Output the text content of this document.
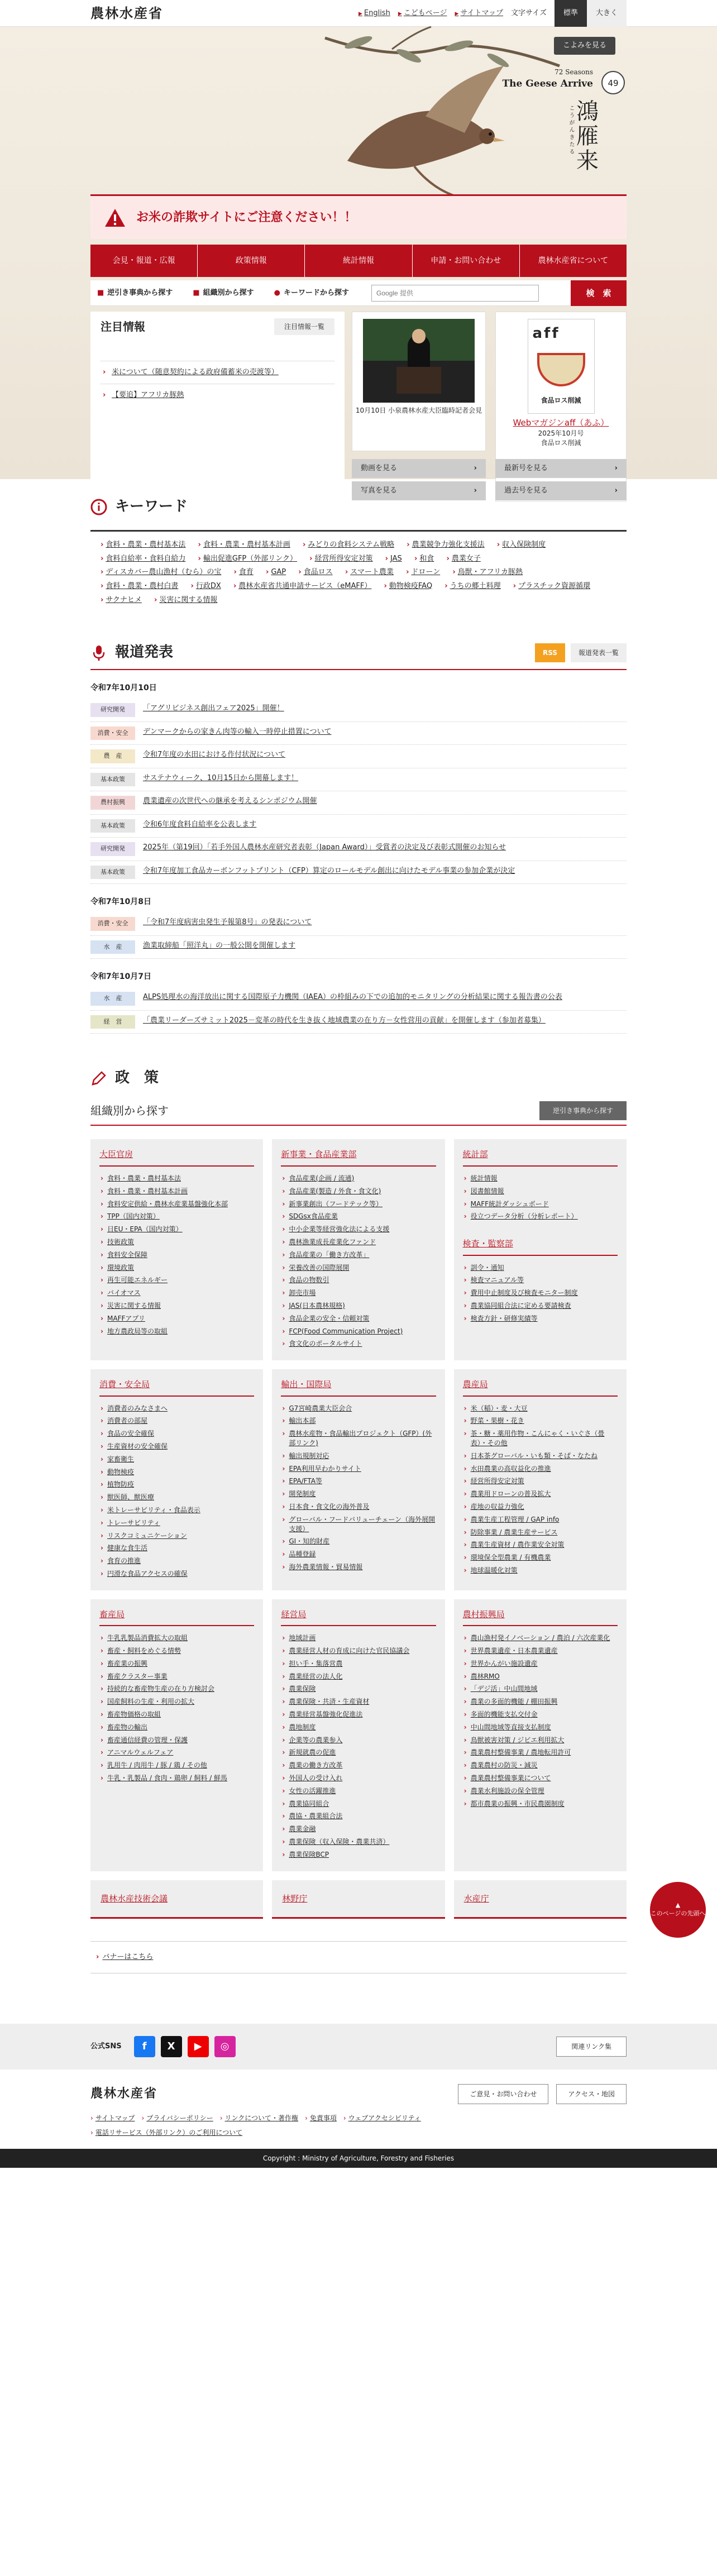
農林水産省	▶ English ▶ こどもページ ▶ サイトマップ 文字サイズ	標準	大きく
こよみを見る
72 Seasons
The Geese Arrive 49
鴻雁来
こうがんきたる
お米の詐欺サイトにご注意ください！！
会見・報道・広報	政策情報	統計情報	申請・お問い合わせ	農林水産省について
■ 逆引き事典から探す	■ 組織別から探す	● キーワードから探す
Google 提供	検　索
注目情報	注目情報一覧
› 米について（随意契約による政府備蓄米の売渡等）
› 【要追】アフリカ豚熱
10月10日 小泉農林水産大臣臨時記者会見
aff
食品ロス削減
Webマガジンaff（あふ）
2025年10月号
食品ロス削減
動画を見る	›
写真を見る	›
最新号を見る	›
過去号を見る	›
キーワード
› 食料・農業・農村基本法 › 食料・農業・農村基本計画 › みどりの食料システム戦略 › 農業競争力強化支援法 › 収入保険制度 › 食料自給率・食料自給力 › 輸出促進GFP（外部リンク） › 経営所得安定対策 › JAS › 和食 › 農業女子 › ディスカバー農山漁村（むら）の宝 › 食育 › GAP › 食品ロス › スマート農業 › ドローン › 鳥獣・アフリカ豚熱 › 食料・農業・農村白書 › 行政DX › 農林水産省共通申請サービス（eMAFF） › 動物検疫FAQ › うちの郷土料理 › プラスチック資源循環 › サクナヒメ › 災害に関する情報
報道発表	RSS	報道発表一覧
令和7年10月10日
研究開発	「アグリビジネス創出フェア2025」開催！
消費・安全	デンマークからの家きん肉等の輸入一時停止措置について
農　産	令和7年度の水田における作付状況について
基本政策	サステナウィーク、10月15日から開幕します！
農村振興	農業遺産の次世代への継承を考えるシンポジウム開催
基本政策	令和6年度食料自給率を公表します
研究開発	2025年（第19回）「若手外国人農林水産研究者表彰（Japan Award）」受賞者の決定及び表彰式開催のお知らせ
基本政策	令和7年度加工食品カーボンフットプリント（CFP）算定のロールモデル創出に向けたモデル事業の参加企業が決定
令和7年10月8日
消費・安全	「令和7年度病害虫発生予報第8号」の発表について
水　産	漁業取締船「照洋丸」の一般公開を開催します
令和7年10月7日
水　産	ALPS処理水の海洋放出に関する国際原子力機関（IAEA）の枠組みの下での追加的モニタリングの分析結果に関する報告書の公表
経　営	「農業リーダーズサミット2025－変革の時代を生き抜く地域農業の在り方－女性营用の貢献」を開催します（参加者募集）
政　策
組織別から探す	逆引き事典から探す
大臣官房
› 食料・農業・農村基本法
› 食料・農業・農村基本計画
› 食料安定供給・農林水産業基盤強化本部
› TPP（国内対策）
› 日EU・EPA（国内対策）
› 技術政策
› 食料安全保障
› 環境政策
› 再生可能エネルギー
› バイオマス
› 災害に関する情報
› MAFFアプリ
› 地方農政局等の取組
新事業・食品産業部
› 食品産業(企画 / 流通)
› 食品産業(製造 / 外食・食文化)
› 新事業創出（フードテック等）
› SDGsx食品産業
› 中小企業等経営強化法による支援
› 農林漁業成長産業化ファンド
› 食品産業の「働き方改革」
› 栄養改善の国際展開
› 食品の物数引
› 卸売市場
› JAS(日本農林規格)
› 食品企業の安全・信頼対策
› FCP(Food Communication Project)
› 食文化のポータルサイト
統計部
› 統計情報
› 図書館情報
› MAFF統計ダッシュボード
› 役立つデータ分析（分析レポート）
検査・監察部
› 訓令・通知
› 検査マニュアル等
› 費用中止制度及び検査モニター制度
› 農業協同組合法に定める要請検査
› 検査方針・研修実績等
消費・安全局
› 消費者のみなさまへ
› 消費者の部屋
› 食品の安全確保
› 生産資材の安全確保
› 家畜衛生
› 動物検疫
› 植物防疫
› 獣医師、獣医療
› 米トレーサビリティ・食品表示
› トレーサビリティ
› リスクコミュニケーション
› 健康な食生活
› 食育の推進
› 円滑な食品アクセスの確保
輸出・国際局
› G7宮崎農業大臣会合
› 輸出本部
› 農林水産物・食品輸出プロジェクト（GFP）(外部リンク)
› 輸出規制対応
› EPA利用早わかりサイト
› EPA/FTA等
› 開発制度
› 日本食・食文化の海外普及
› グローバル・フードバリューチェーン（海外展開支援）
› GI・知的財産
› 品種登録
› 海外農業情報・貿易情報
農産局
› 米（稲）・麦・大豆
› 野菜・果樹・花き
› 茶・糖・薬用作物・こんにゃく・いぐさ（畳表）・その他
› 日本茶グローバル・いも類・そば・なたね
› 水田農業の高収益化の推進
› 経営所得安定対策
› 農業用ドローンの普及拡大
› 産地の収益力強化
› 農業生産工程管理 / GAP info
› 防除事業 / 農業生産サービス
› 農業生産資材 / 農作業安全対策
› 環境保全型農業 / 有機農業
› 地球温暖化対策
畜産局
› 牛乳乳製品消費拡大の取組
› 畜産・飼料をめぐる情勢
› 畜産業の振興
› 畜産クラスター事業
› 持続的な畜産物生産の在り方検討会
› 国産飼料の生産・利用の拡大
› 畜産物価格の取組
› 畜産物の輸出
› 畜産通信経費の管理・保護
› アニマルウェルフェア
› 乳用牛 / 肉用牛 / 豚 / 鶏 / その他
› 牛乳・乳製品 / 食肉・鶏卵 / 飼料 / 鮮馬
経営局
› 地域計画
› 農業経営人材の育成に向けた官民協議会
› 担い手・集落営農
› 農業経営の法人化
› 農業保険
› 農業保険・共済・生産資材
› 農業経営基盤強化促進法
› 農地制度
› 企業等の農業参入
› 新規就農の促進
› 農業の働き方改革
› 外国人の受け入れ
› 女性の活躍推進
› 農業協同組合
› 農協・農業組合法
› 農業金融
› 農業保険（収入保険・農業共済）
› 農業保険BCP
農村振興局
› 農山漁村発イノベーション / 農泊 / 六次産業化
› 世界農業遺産・日本農業遺産
› 世界かんがい施設遺産
› 農林RMO
› 「デジ活」中山間地域
› 農業の多面的機能 / 棚田振興
› 多面的機能支払交付金
› 中山間地域等直接支払制度
› 鳥獣被害対策 / ジビエ利用拡大
› 農業農村整備事業 / 農地転用許可
› 農業農村の防災・減災
› 農業農村整備事業について
› 農業水利施設の保全管理
› 都市農業の振興・市民農園制度
農林水産技術会議	林野庁	水産庁
› バナーはこちら
▲
このページの先頭へ
公式SNS	f	X	▶	◎	関連リンク集
農林水産省	ご意見・お問い合わせ	アクセス・地図
› サイトマップ	› プライバシーポリシー	› リンクについて・著作権	› 免責事項	› ウェブアクセシビリティ
› 電話リサービス（外部リンク）のご利用について
Copyright : Ministry of Agriculture, Forestry and Fisheries
